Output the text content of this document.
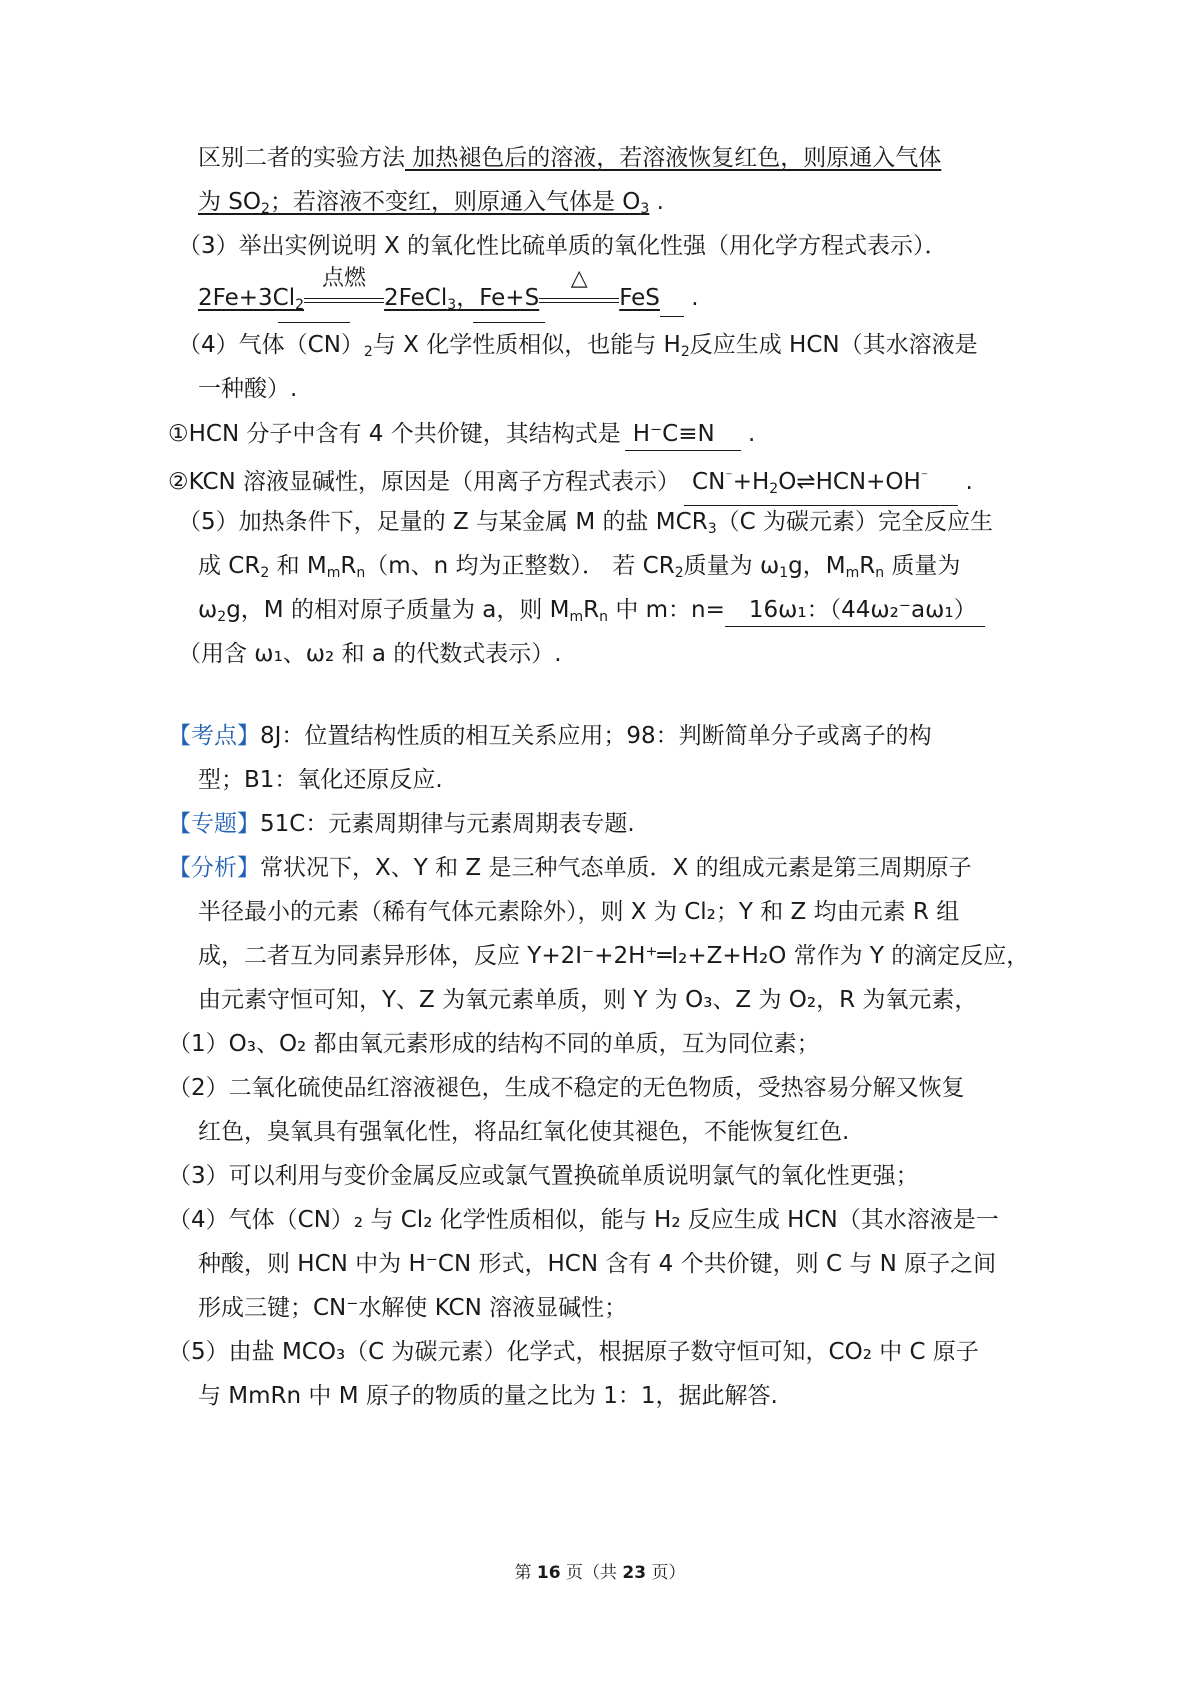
区别二者的实验方法 加热褪色后的溶液，若溶液恢复红色，则原通入气体
为 $SO_2$；若溶液不变红，则原通入气体是 $O_3$ .
（3）举出实例说明 X 的氧化性比硫单质的氧化性强（用化学方程式表示）．
$2Fe+3Cl_2$
点燃
2FeCl$_3$，Fe+S
△
FeS .
（4）气体$(CN)_2$与 X 化学性质相似，也能与 $H_2$反应生成 HCN（其水溶液是
一种酸）.
①HCN 分子中含有 4 个共价键，其结构式是 H⁻C≡N .
②KCN 溶液显碱性，原因是（用离子方程式表示） $CN^{^-}+H_2O\rightleftharpoons HCN+OH^{^-}$ .
（5）加热条件下，足量的 Z 与某金属 M 的盐 $MCR_3(C$ 为碳元素）完全反应生
成 $CR_2$ 和 $M_mR_n(m$、n 均为正整数）． 若 $CR_2$质量为 $\omega_1g$，$M_mR_n$ 质量为
$\omega_2g$，M 的相对原子质量为 a，则 $M_mR_n$ 中 m：n= 16ω₁：（44ω₂⁻aω₁）
（用含 ω₁、ω₂ 和 a 的代数式表示）.
【考点】8J：位置结构性质的相互关系应用；98：判断简单分子或离子的构
型；B1：氧化还原反应.
【专题】51C：元素周期律与元素周期表专题.
【分析】常状况下，X、Y 和 Z 是三种气态单质．X 的组成元素是第三周期原子
半径最小的元素（稀有气体元素除外），则 X 为 Cl₂；Y 和 Z 均由元素 R 组
成，二者互为同素异形体，反应 Y+2I⁻+2H⁺═I₂+Z+H₂O 常作为 Y 的滴定反应，
由元素守恒可知，Y、Z 为氧元素单质，则 Y 为 O₃、Z 为 O₂，R 为氧元素，
（1）O₃、O₂ 都由氧元素形成的结构不同的单质，互为同位素；
（2）二氧化硫使品红溶液褪色，生成不稳定的无色物质，受热容易分解又恢复
红色，臭氧具有强氧化性，将品红氧化使其褪色，不能恢复红色.
（3）可以利用与变价金属反应或氯气置换硫单质说明氯气的氧化性更强；
（4）气体（CN）₂ 与 Cl₂ 化学性质相似，能与 H₂ 反应生成 HCN（其水溶液是一
种酸，则 HCN 中为 H⁻CN 形式，HCN 含有 4 个共价键，则 C 与 N 原子之间
形成三键；CN⁻水解使 KCN 溶液显碱性；
（5）由盐 MCO₃（C 为碳元素）化学式，根据原子数守恒可知，CO₂ 中 C 原子
与 MmRn 中 M 原子的物质的量之比为 1：1，据此解答.
第 16 页（共 23 页）
